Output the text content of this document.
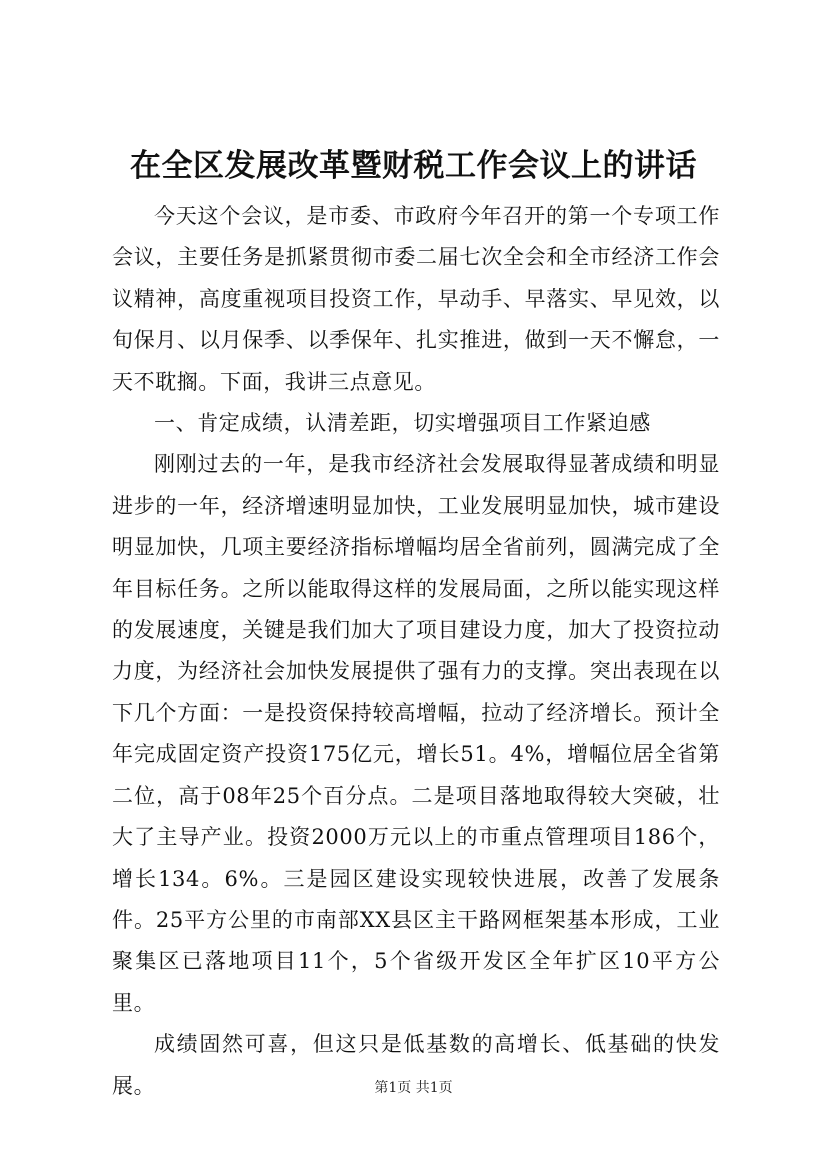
在全区发展改革暨财税工作会议上的讲话

今天这个会议，是市委、市政府今年召开的第一个专项工作会议，主要任务是抓紧贯彻市委二届七次全会和全市经济工作会议精神，高度重视项目投资工作，早动手、早落实、早见效，以旬保月、以月保季、以季保年、扎实推进，做到一天不懈怠，一天不耽搁。下面，我讲三点意见。

一、肯定成绩，认清差距，切实增强项目工作紧迫感

刚刚过去的一年，是我市经济社会发展取得显著成绩和明显进步的一年，经济增速明显加快，工业发展明显加快，城市建设明显加快，几项主要经济指标增幅均居全省前列，圆满完成了全年目标任务。之所以能取得这样的发展局面，之所以能实现这样的发展速度，关键是我们加大了项目建设力度，加大了投资拉动力度，为经济社会加快发展提供了强有力的支撑。突出表现在以下几个方面：一是投资保持较高增幅，拉动了经济增长。预计全年完成固定资产投资175亿元，增长51。4%，增幅位居全省第二位，高于08年25个百分点。二是项目落地取得较大突破，壮大了主导产业。投资2000万元以上的市重点管理项目186个，增长134。6%。三是园区建设实现较快进展，改善了发展条件。25平方公里的市南部XX县区主干路网框架基本形成，工业聚集区已落地项目11个，5个省级开发区全年扩区10平方公里。

成绩固然可喜，但这只是低基数的高增长、低基础的快发展。	第1页 共1页
